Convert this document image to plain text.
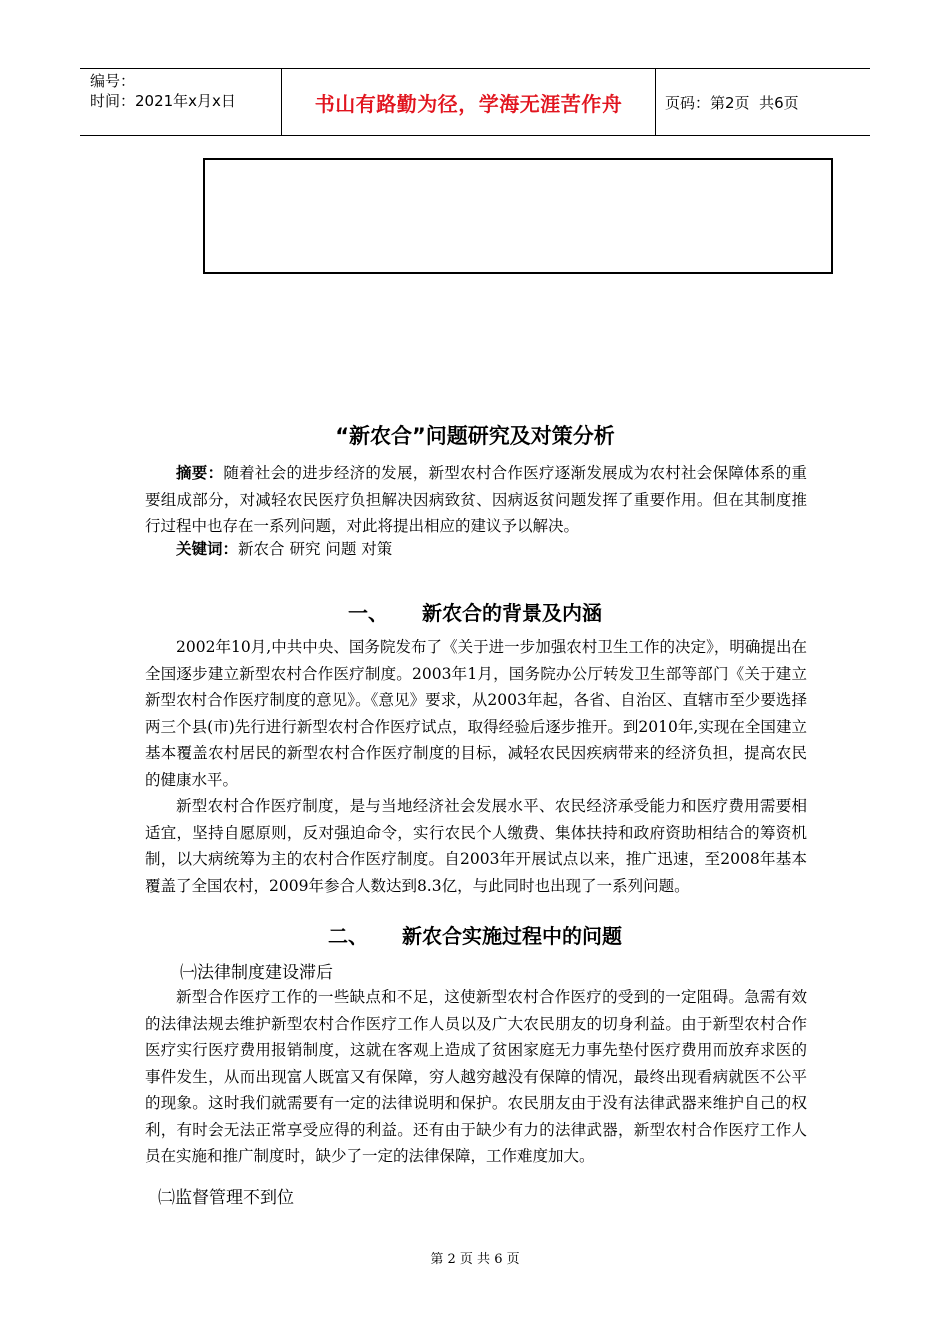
编号：
时间：2021年x月x日	书山有路勤为径，学海无涯苦作舟	页码：第2页  共6页
“新农合”问题研究及对策分析

摘要：随着社会的进步经济的发展，新型农村合作医疗逐渐发展成为农村社会保障体系的重要组成部分，对减轻农民医疗负担解决因病致贫、因病返贫问题发挥了重要作用。但在其制度推行过程中也存在一系列问题，对此将提出相应的建议予以解决。

关键词：新农合 研究 问题 对策

一、 新农合的背景及内涵

2002年10月,中共中央、国务院发布了《关于进一步加强农村卫生工作的决定》，明确提出在全国逐步建立新型农村合作医疗制度。2003年1月，国务院办公厅转发卫生部等部门《关于建立新型农村合作医疗制度的意见》。《意见》要求，从2003年起，各省、自治区、直辖市至少要选择两三个县(市)先行进行新型农村合作医疗试点，取得经验后逐步推开。到2010年,实现在全国建立基本覆盖农村居民的新型农村合作医疗制度的目标，减轻农民因疾病带来的经济负担，提高农民的健康水平。

新型农村合作医疗制度，是与当地经济社会发展水平、农民经济承受能力和医疗费用需要相适宜，坚持自愿原则，反对强迫命令，实行农民个人缴费、集体扶持和政府资助相结合的筹资机制，以大病统筹为主的农村合作医疗制度。自2003年开展试点以来，推广迅速，至2008年基本覆盖了全国农村，2009年参合人数达到8.3亿，与此同时也出现了一系列问题。

二、 新农合实施过程中的问题
㈠法律制度建设滞后

新型合作医疗工作的一些缺点和不足，这使新型农村合作医疗的受到的一定阻碍。急需有效的法律法规去维护新型农村合作医疗工作人员以及广大农民朋友的切身利益。由于新型农村合作医疗实行医疗费用报销制度，这就在客观上造成了贫困家庭无力事先垫付医疗费用而放弃求医的事件发生，从而出现富人既富又有保障，穷人越穷越没有保障的情况，最终出现看病就医不公平的现象。这时我们就需要有一定的法律说明和保护。农民朋友由于没有法律武器来维护自己的权利，有时会无法正常享受应得的利益。还有由于缺少有力的法律武器，新型农村合作医疗工作人员在实施和推广制度时，缺少了一定的法律保障，工作难度加大。

㈡监督管理不到位
第 2 页 共 6 页
